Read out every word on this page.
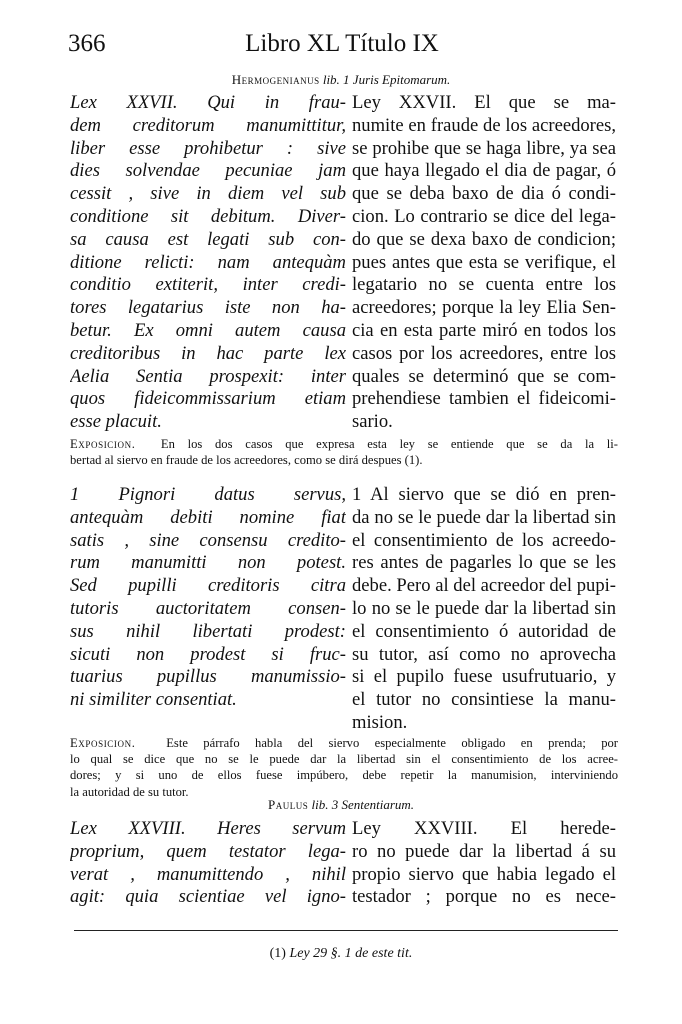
366	Libro XL Título IX
Hermogenianus lib. 1 Juris Epitomarum.
Lex XXVII. Qui in frau-
dem creditorum manumittitur,
liber esse prohibetur : sive
dies solvendae pecuniae jam
cessit , sive in diem vel sub
conditione sit debitum. Diver-
sa causa est legati sub con-
ditione relicti: nam antequàm
conditio extiterit, inter credi-
tores legatarius iste non ha-
betur. Ex omni autem causa
creditoribus in hac parte lex
Aelia Sentia prospexit: inter
quos fideicommissarium etiam
esse placuit.
Ley XXVII. El que se ma-
numite en fraude de los acreedores,
se prohibe que se haga libre, ya sea
que haya llegado el dia de pagar, ó
que se deba baxo de dia ó condi-
cion. Lo contrario se dice del lega-
do que se dexa baxo de condicion;
pues antes que esta se verifique, el
legatario no se cuenta entre los
acreedores; porque la ley Elia Sen-
cia en esta parte miró en todos los
casos por los acreedores, entre los
quales se determinó que se com-
prehendiese tambien el fideicomi-
sario.
Exposicion. En los dos casos que expresa esta ley se entiende que se da la li-
bertad al siervo en fraude de los acreedores, como se dirá despues (1).
1 Pignori datus servus,
antequàm debiti nomine fiat
satis , sine consensu credito-
rum manumitti non potest.
Sed pupilli creditoris citra
tutoris auctoritatem consen-
sus nihil libertati prodest:
sicuti non prodest si fruc-
tuarius pupillus manumissio-
ni similiter consentiat.
1 Al siervo que se dió en pren-
da no se le puede dar la libertad sin
el consentimiento de los acreedo-
res antes de pagarles lo que se les
debe. Pero al del acreedor del pupi-
lo no se le puede dar la libertad sin
el consentimiento ó autoridad de
su tutor, así como no aprovecha
si el pupilo fuese usufrutuario, y
el tutor no consintiese la manu-
mision.
Exposicion. Este párrafo habla del siervo especialmente obligado en prenda; por
lo qual se dice que no se le puede dar la libertad sin el consentimiento de los acree-
dores; y si uno de ellos fuese impúbero, debe repetir la manumision, interviniendo
la autoridad de su tutor.
Paulus lib. 3 Sententiarum.
Lex XXVIII. Heres servum
proprium, quem testator lega-
verat , manumittendo , nihil
agit: quia scientiae vel igno-
Ley XXVIII. El herede-
ro no puede dar la libertad á su
propio siervo que habia legado el
testador ; porque no es nece-
(1) Ley 29 §. 1 de este tit.
